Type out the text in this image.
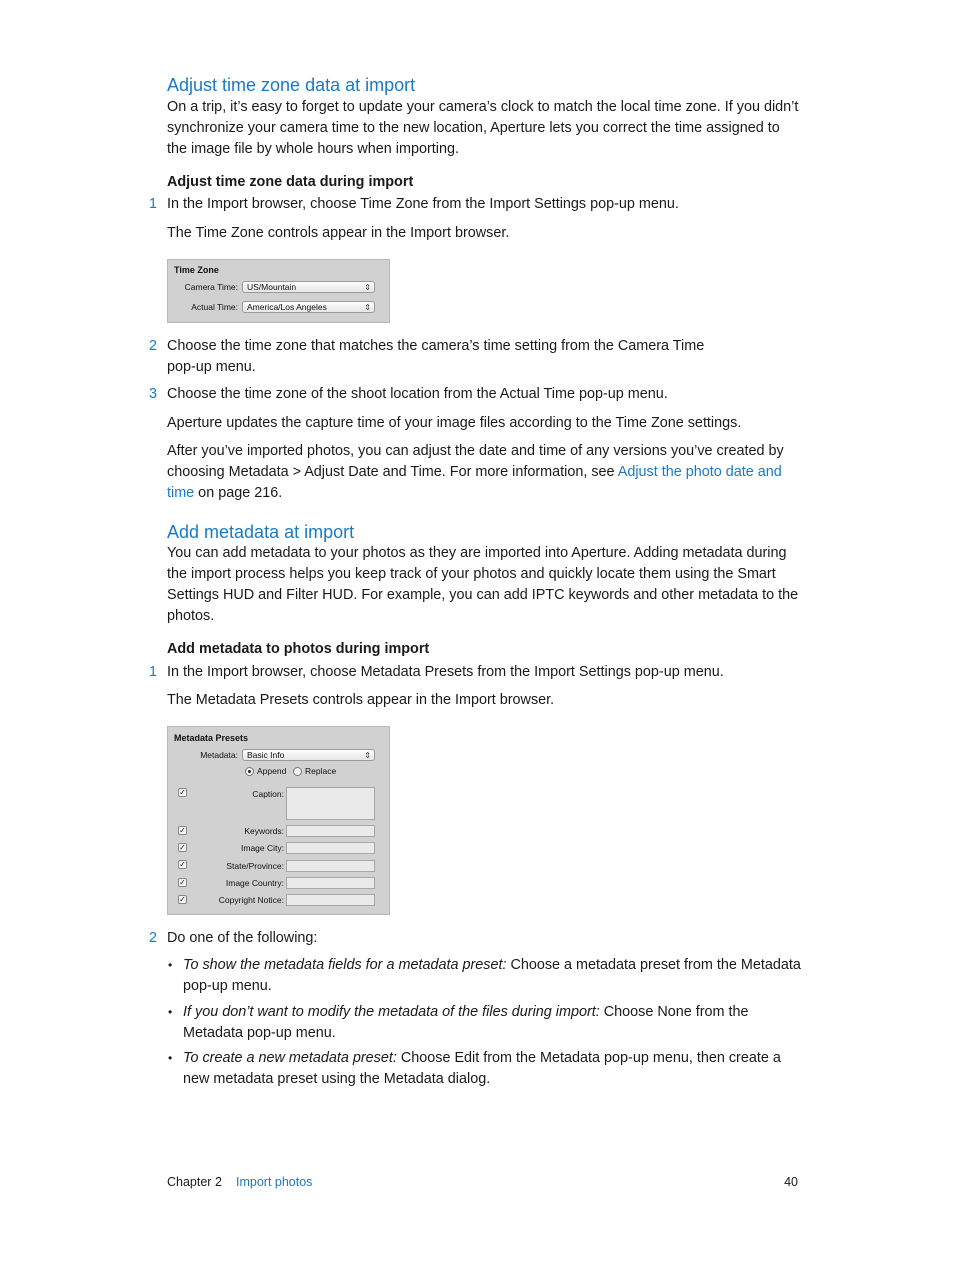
Adjust time zone data at import
On a trip, it’s easy to forget to update your camera’s clock to match the local time zone. If you didn’t synchronize your camera time to the new location, Aperture lets you correct the time assigned to the image file by whole hours when importing.
Adjust time zone data during import
1 In the Import browser, choose Time Zone from the Import Settings pop-up menu.
The Time Zone controls appear in the Import browser.
Time Zone
Camera Time:	US/Mountain	⇕
Actual Time:	America/Los Angeles	⇕
2 Choose the time zone that matches the camera’s time setting from the Camera Time pop-up menu.
3 Choose the time zone of the shoot location from the Actual Time pop-up menu.
Aperture updates the capture time of your image files according to the Time Zone settings.
After you’ve imported photos, you can adjust the date and time of any versions you’ve created by choosing Metadata > Adjust Date and Time. For more information, see Adjust the photo date and time on page 216.
Add metadata at import
You can add metadata to your photos as they are imported into Aperture. Adding metadata during the import process helps you keep track of your photos and quickly locate them using the Smart Settings HUD and Filter HUD. For example, you can add IPTC keywords and other metadata to the photos.
Add metadata to photos during import
1 In the Import browser, choose Metadata Presets from the Import Settings pop-up menu.
The Metadata Presets controls appear in the Import browser.
Metadata Presets
Metadata:	Basic Info	⇕
Append Replace
✓	Caption:
✓	Keywords:
✓	Image City:
✓	State/Province:
✓	Image Country:
✓	Copyright Notice:
2 Do one of the following:
• To show the metadata fields for a metadata preset: Choose a metadata preset from the Metadata pop-up menu.
• If you don’t want to modify the metadata of the files during import: Choose None from the Metadata pop-up menu.
• To create a new metadata preset: Choose Edit from the Metadata pop-up menu, then create a new metadata preset using the Metadata dialog.
Chapter 2 Import photos	40
